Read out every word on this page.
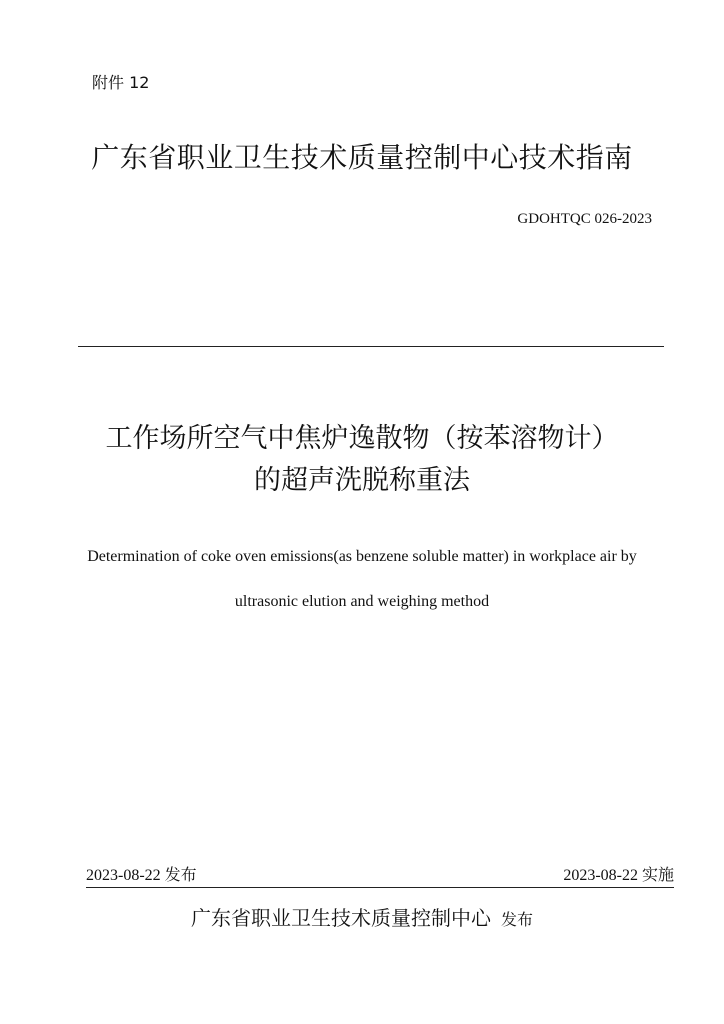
附件 12
广东省职业卫生技术质量控制中心技术指南
GDOHTQC 026-2023
工作场所空气中焦炉逸散物（按苯溶物计）
的超声洗脱称重法
Determination of coke oven emissions(as benzene soluble matter) in workplace air by
ultrasonic elution and weighing method
2023-08-22 发布	2023-08-22 实施
广东省职业卫生技术质量控制中心 发布
